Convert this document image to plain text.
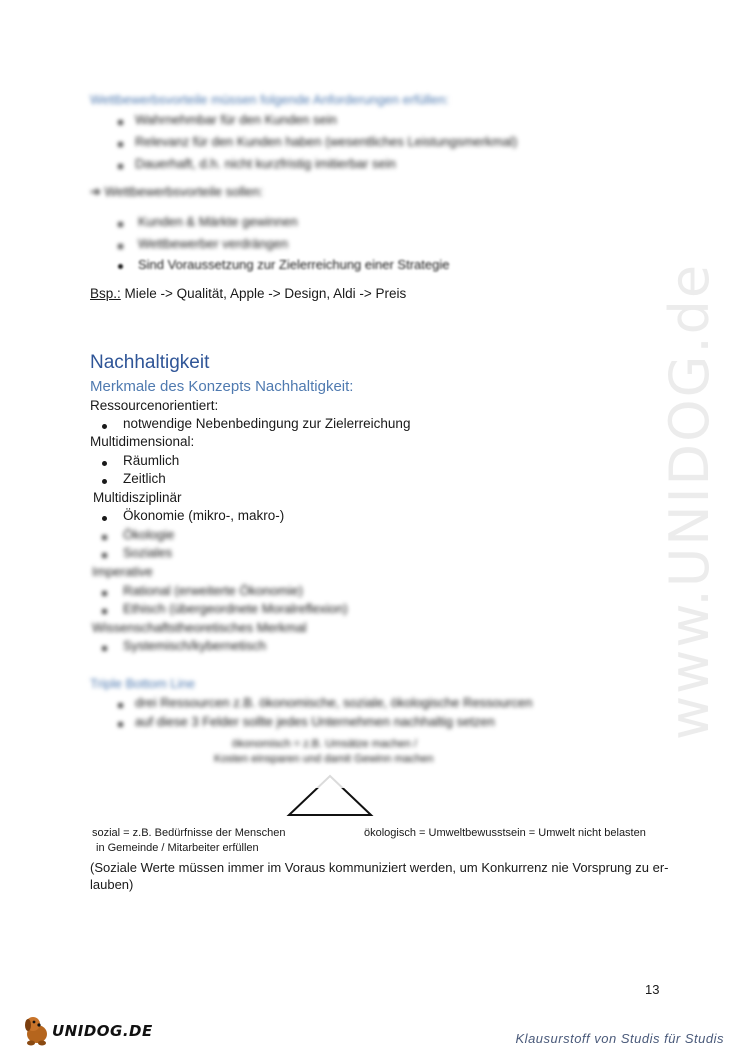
www.UNIDOG.de
Wettbewerbsvorteile müssen folgende Anforderungen erfüllen:
Wahrnehmbar für den Kunden sein
Relevanz für den Kunden haben (wesentliches Leistungsmerkmal)
Dauerhaft, d.h. nicht kurzfristig imitierbar sein
➔ Wettbewerbsvorteile sollen:
Kunden & Märkte gewinnen
Wettbewerber verdrängen
Sind Voraussetzung zur Zielerreichung einer Strategie
Bsp.: Miele -> Qualität, Apple -> Design, Aldi -> Preis
Nachhaltigkeit
Merkmale des Konzepts Nachhaltigkeit:
Ressourcenorientiert:
notwendige Nebenbedingung zur Zielerreichung
Multidimensional:
Räumlich
Zeitlich
Multidisziplinär
Ökonomie (mikro-, makro-)
Ökologie
Soziales
Imperative
Rational (erweiterte Ökonomie)
Ethisch (übergeordnete Moralreflexion)
Wissenschaftstheoretisches Merkmal
Systemisch/kybernetisch
Triple Bottom Line
drei Ressourcen z.B. ökonomische, soziale, ökologische Ressourcen
auf diese 3 Felder sollte jedes Unternehmen nachhaltig setzen
ökonomisch = z.B. Umsätze machen /
Kosten einsparen und damit Gewinn machen
sozial = z.B. Bedürfnisse der Menschen
in Gemeinde / Mitarbeiter erfüllen
ökologisch = Umweltbewusstsein = Umwelt nicht belasten
(Soziale Werte müssen immer im Voraus kommuniziert werden, um Konkurrenz nie Vorsprung zu er-
lauben)
13
UNIDOG.DE	Klausurstoff von Studis für Studis
